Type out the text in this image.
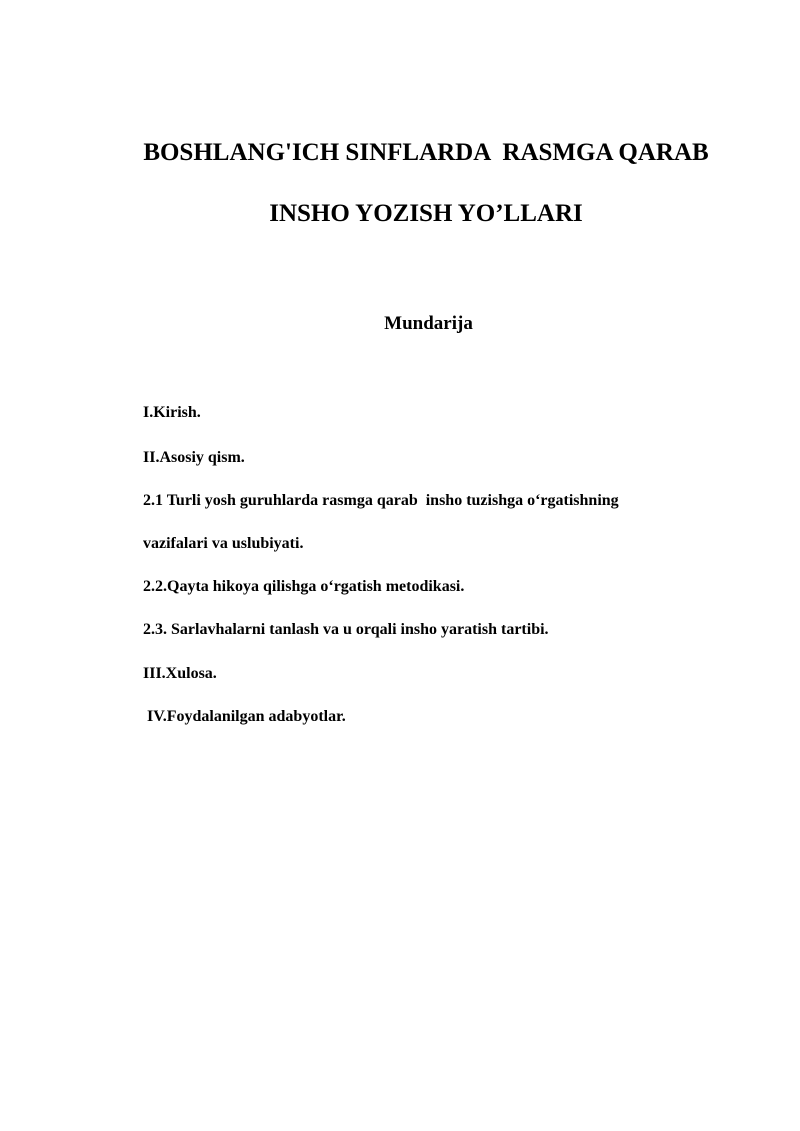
BOSHLANG'ICH SINFLARDA  RASMGA QARAB
INSHO YOZISH YO’LLARI
Mundarija
I.Kirish.
II.Asosiy qism.
2.1 Turli yosh guruhlarda rasmga qarab  insho tuzishga o‘rgatishning
vazifalari va uslubiyati.
2.2.Qayta hikoya qilishga o‘rgatish metodikasi.
2.3. Sarlavhalarni tanlash va u orqali insho yaratish tartibi.
III.Xulosa.
IV.Foydalanilgan adabyotlar.
